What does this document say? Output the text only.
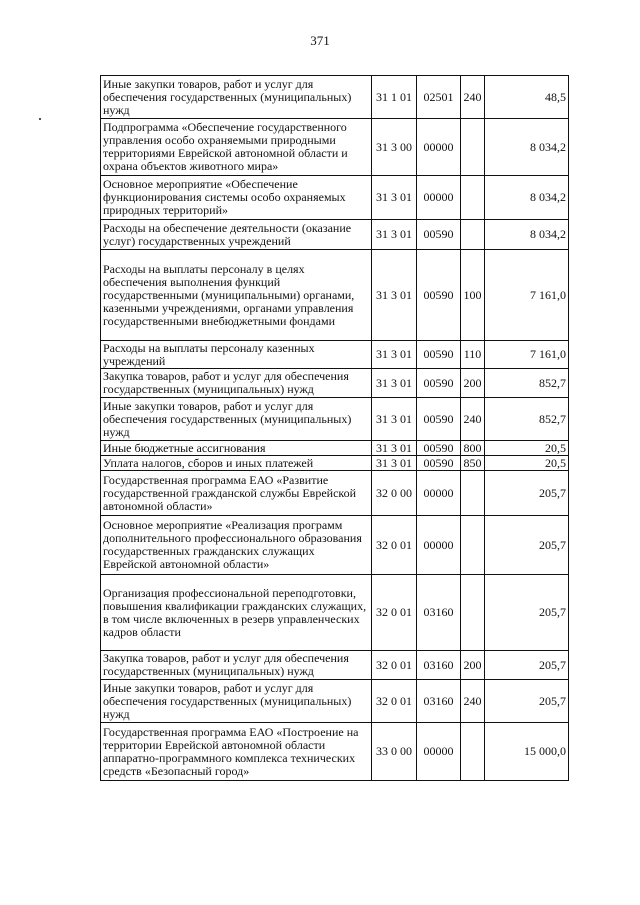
371
Иные закупки товаров, работ и услуг для обеспечения государственных (муниципальных) нужд	31 1 01	02501	240	48,5
Подпрограмма «Обеспечение государственного управления особо охраняемыми природными территориями Еврейской автономной области и охрана объектов животного мира»	31 3 00	00000		8 034,2
Основное мероприятие «Обеспечение функционирования системы особо охраняемых природных территорий»	31 3 01	00000		8 034,2
Расходы на обеспечение деятельности (оказание услуг) государственных учреждений	31 3 01	00590		8 034,2
Расходы на выплаты персоналу в целях обеспечения выполнения функций государственными (муниципальными) органами, казенными учреждениями, органами управления государственными внебюджетными фондами	31 3 01	00590	100	7 161,0
Расходы на выплаты персоналу казенных учреждений	31 3 01	00590	110	7 161,0
Закупка товаров, работ и услуг для обеспечения государственных (муниципальных) нужд	31 3 01	00590	200	852,7
Иные закупки товаров, работ и услуг для обеспечения государственных (муниципальных) нужд	31 3 01	00590	240	852,7
Иные бюджетные ассигнования	31 3 01	00590	800	20,5
Уплата налогов, сборов и иных платежей	31 3 01	00590	850	20,5
Государственная программа ЕАО «Развитие государственной гражданской службы Еврейской автономной области»	32 0 00	00000		205,7
Основное мероприятие «Реализация программ дополнительного профессионального образования государственных гражданских служащих Еврейской автономной области»	32 0 01	00000		205,7
Организация профессиональной переподготовки, повышения квалификации гражданских служащих, в том числе включенных в резерв управленческих кадров области	32 0 01	03160		205,7
Закупка товаров, работ и услуг для обеспечения государственных (муниципальных) нужд	32 0 01	03160	200	205,7
Иные закупки товаров, работ и услуг для обеспечения государственных (муниципальных) нужд	32 0 01	03160	240	205,7
Государственная программа ЕАО «Построение на территории Еврейской автономной области аппаратно-программного комплекса технических средств «Безопасный город»	33 0 00	00000		15 000,0
